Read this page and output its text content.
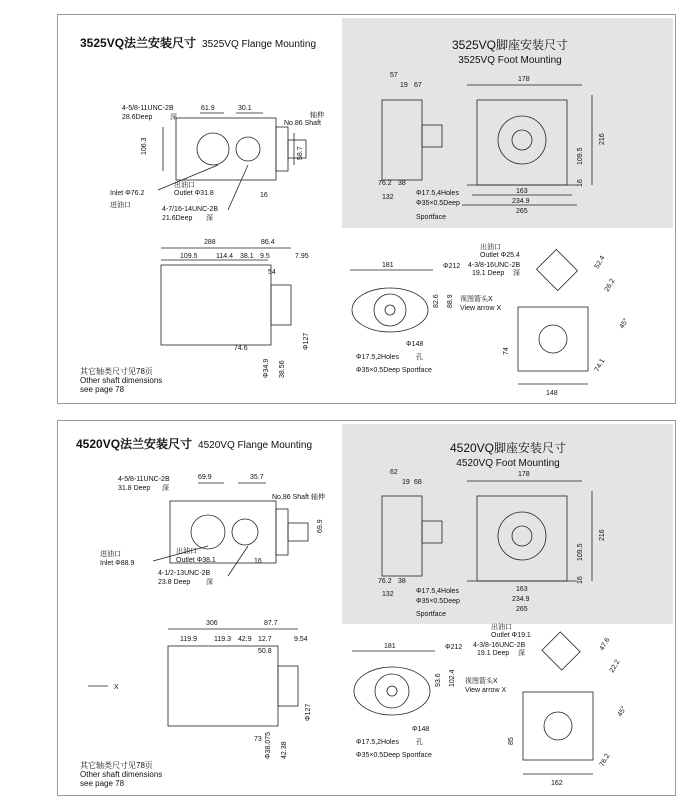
3525VQ法兰安装尺寸 3525VQ Flange Mounting	3525VQ脚座安装尺寸
3525VQ Foot Mounting
4-5/8-11UNC-2B
28.6Deep	深
61.9	30.1
轴伸
No.86 Shaft
106.3	58.7
出油口
Outlet Φ31.8
Inlet Φ76.2
进油口
16
4-7/16-14UNC-2B
21.6Deep 深
57
19 67
178
76.2 38
132
Φ17.5,4Holes
Φ35×0.5Deep
Sportface
163
234.9
265
216
109.5
16
288	86.4
109.5	114.4 38.1 9.5
54
7.95
Φ127
74.6
Φ34.9 38.56
181	Φ212
82.6 88.9
Φ148
Φ17.5,2Holes 孔
Φ35×0.5Deep Sportface
出油口
Outlet Φ25.4
4-3/8-16UNC-2B
19.1 Deep 深
52.4
26.2
视图箭头X
View arrow X
45°
74
74.1
148
其它轴类尺寸见78页
Other shaft dimensions
see page 78
4520VQ法兰安装尺寸 4520VQ Flange Mounting	4520VQ脚座安装尺寸
4520VQ Foot Mounting
4-5/8-11UNC-2B
31.8 Deep 深
69.9	35.7
No,86 Shaft 轴伸
69.9
进油口
Inlet Φ88.9
出油口
Outlet Φ38.1	16
4-1/2-13UNC-2B
23.8 Deep 深
62
19 68
178
76.2 38
132	Φ17.5,4Holes
Φ35×0.5Deep
Sportface
163
234.9
265
216
109.5
16
306	87.7
119.9 119.3 42.9 12.7
50.8
9.54
Φ127
73 Φ38.075 42.38
X
181	Φ212
93.6 102.4
Φ148
Φ17.5,2Holes 孔
Φ35×0.5Deep Sportface
出油口
Outlet Φ19.1
4-3/8-16UNC-2B
19.1 Deep 深
47.6
22.2
视图箭头X
View arrow X
45°
85
76.2
162
其它轴类尺寸见78页
Other shaft dimensions
see page 78
